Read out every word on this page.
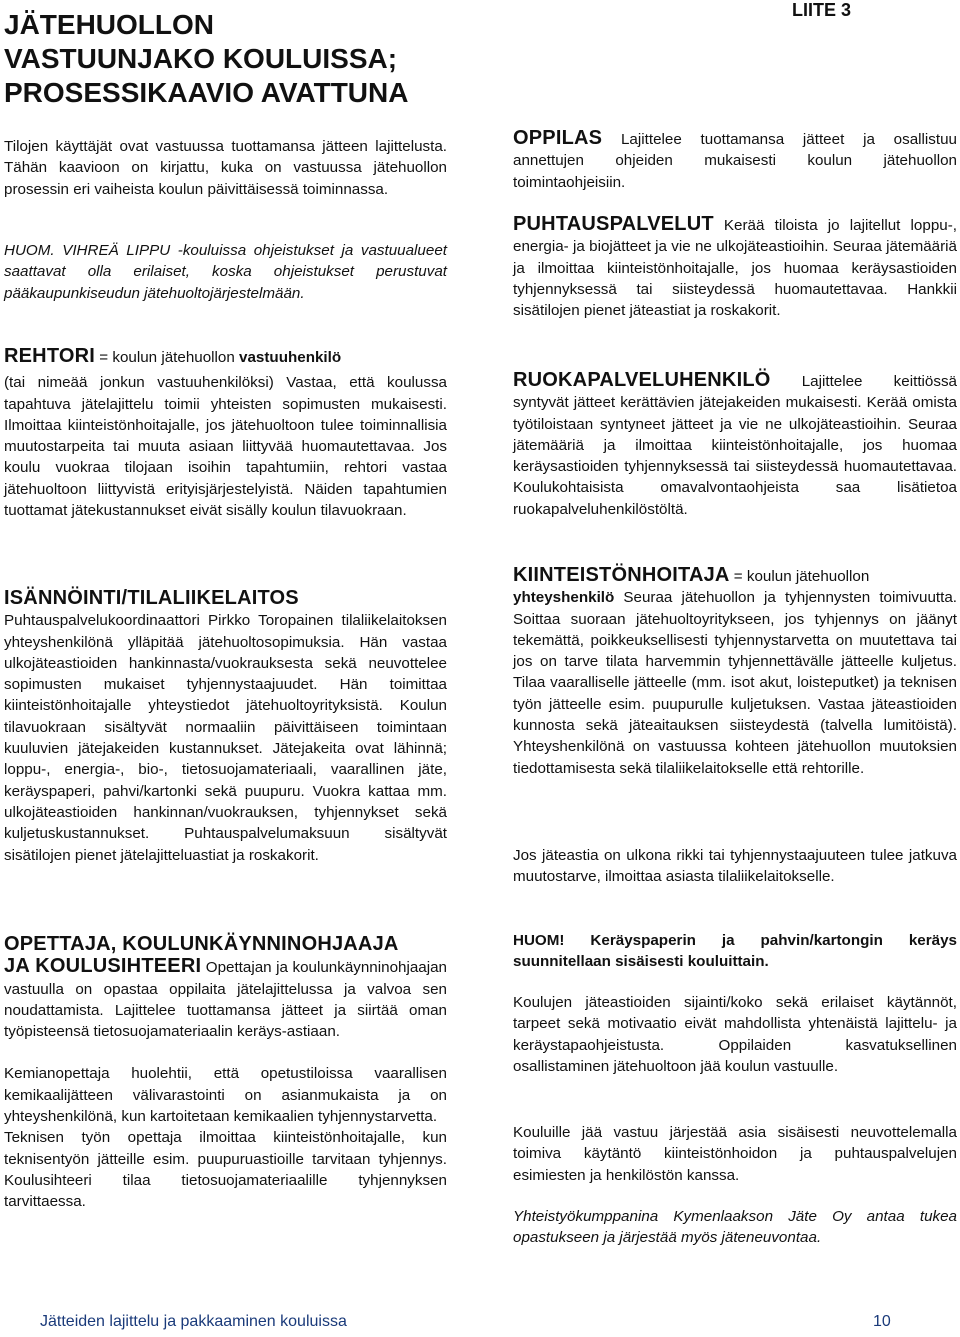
JÄTEHUOLLON
VASTUUNJAKO KOULUISSA;
PROSESSIKAAVIO AVATTUNA
LIITE 3

Tilojen käyttäjät ovat vastuussa tuottamansa jätteen lajittelusta. Tähän kaavioon on kirjattu, kuka on vastuussa jätehuollon prosessin eri vaiheista koulun päivittäisessä toiminnassa.

HUOM. VIHREÄ LIPPU -kouluissa ohjeistukset ja vastuualueet saattavat olla erilaiset, koska ohjeistukset perustuvat pääkaupunkiseudun jätehuoltojärjestelmään.

REHTORI = koulun jätehuollon vastuuhenkilö

(tai nimeää jonkun vastuuhenkilöksi) Vastaa, että koulussa tapahtuva jätelajittelu toimii yhteisten sopimusten mukaisesti. Ilmoittaa kiinteistönhoitajalle, jos jätehuoltoon tulee toiminnallisia muutostarpeita tai muuta asiaan liittyvää huomautettavaa. Jos koulu vuokraa tilojaan isoihin tapahtumiin, rehtori vastaa jätehuoltoon liittyvistä erityisjärjestelyistä. Näiden tapahtumien tuottamat jätekustannukset eivät sisälly koulun tilavuokraan.

ISÄNNÖINTI/TILALIIKELAITOS Puhtauspalvelukoordinaattori Pirkko Toropainen tilaliikelaitoksen yhteyshenkilönä ylläpitää jätehuoltosopimuksia. Hän vastaa ulkojäteastioiden hankinnasta/vuokrauksesta sekä neuvottelee sopimusten mukaiset tyhjennystaajuudet. Hän toimittaa kiinteistönhoitajalle yhteystiedot jätehuoltoyrityksistä. Koulun tilavuokraan sisältyvät normaaliin päivittäiseen toimintaan kuuluvien jätejakeiden kustannukset. Jätejakeita ovat lähinnä; loppu-, energia-, bio-, tietosuojamateriaali, vaarallinen jäte, keräyspaperi, pahvi/kartonki sekä puupuru. Vuokra kattaa mm. ulkojäteastioiden hankinnan/vuokrauksen, tyhjennykset sekä kuljetuskustannukset. Puhtauspalvelumaksuun sisältyvät sisätilojen pienet jätelajitteluastiat ja roskakorit.

OPETTAJA, KOULUNKÄYNNINOHJAAJA

JA KOULUSIHTEERI Opettajan ja koulunkäynninohjaajan vastuulla on opastaa oppilaita jätelajittelussa ja valvoa sen noudattamista. Lajittelee tuottamansa jätteet ja siirtää oman työpisteensä tietosuojamateriaalin keräys-astiaan.

Kemianopettaja huolehtii, että opetustiloissa vaarallisen kemikaalijätteen välivarastointi on asianmukaista ja on yhteyshenkilönä, kun kartoitetaan kemikaalien tyhjennystarvetta.

Teknisen työn opettaja ilmoittaa kiinteistönhoitajalle, kun teknisentyön jätteille esim. puupuruastioille tarvitaan tyhjennys. Koulusihteeri tilaa tietosuojamateriaalille tyhjennyksen tarvittaessa.

OPPILAS Lajittelee tuottamansa jätteet ja osallistuu annettujen ohjeiden mukaisesti koulun jätehuollon toimintaohjeisiin.

PUHTAUSPALVELUT Kerää tiloista jo lajitellut loppu-, energia- ja biojätteet ja vie ne ulkojäteastioihin. Seuraa jätemääriä ja ilmoittaa kiinteistönhoitajalle, jos huomaa keräysastioiden tyhjennyksessä tai siisteydessä huomautettavaa. Hankkii sisätilojen pienet jäteastiat ja roskakorit.

RUOKAPALVELUHENKILÖ Lajittelee keittiössä syntyvät jätteet kerättävien jätejakeiden mukaisesti. Kerää omista työtiloistaan syntyneet jätteet ja vie ne ulkojäteastioihin. Seuraa jätemääriä ja ilmoittaa kiinteistönhoitajalle, jos huomaa keräysastioiden tyhjennyksessä tai siisteydessä huomautettavaa. Koulukohtaisista omavalvontaohjeista saa lisätietoa ruokapalveluhenkilöstöltä.

KIINTEISTÖNHOITAJA = koulun jätehuollon

yhteyshenkilö Seuraa jätehuollon ja tyhjennysten toimivuutta. Soittaa suoraan jätehuoltoyritykseen, jos tyhjennys on jäänyt tekemättä, poikkeuksellisesti tyhjennystarvetta on muutettava tai jos on tarve tilata harvemmin tyhjennettävälle jätteelle kuljetus. Tilaa vaaralliselle jätteelle (mm. isot akut, loisteputket) ja teknisen työn jätteelle esim. puupurulle kuljetuksen. Vastaa jäteastioiden kunnosta sekä jäteaitauksen siisteydestä (talvella lumitöistä). Yhteyshenkilönä on vastuussa kohteen jätehuollon muutoksien tiedottamisesta sekä tilaliikelaitokselle että rehtorille.

Jos jäteastia on ulkona rikki tai tyhjennystaajuuteen tulee jatkuva muutostarve, ilmoittaa asiasta tilaliikelaitokselle.

HUOM! Keräyspaperin ja pahvin/kartongin keräys suunnitellaan sisäisesti kouluittain.

Koulujen jäteastioiden sijainti/koko sekä erilaiset käytännöt, tarpeet sekä motivaatio eivät mahdollista yhtenäistä lajittelu- ja keräystapaohjeistusta. Oppilaiden kasvatuksellinen osallistaminen jätehuoltoon jää koulun vastuulle.

Kouluille jää vastuu järjestää asia sisäisesti neuvottelemalla toimiva käytäntö kiinteistönhoidon ja puhtauspalvelujen esimiesten ja henkilöstön kanssa.

Yhteistyökumppanina Kymenlaakson Jäte Oy antaa tukea opastukseen ja järjestää myös jäteneuvontaa.

Jätteiden lajittelu ja pakkaaminen kouluissa	10
